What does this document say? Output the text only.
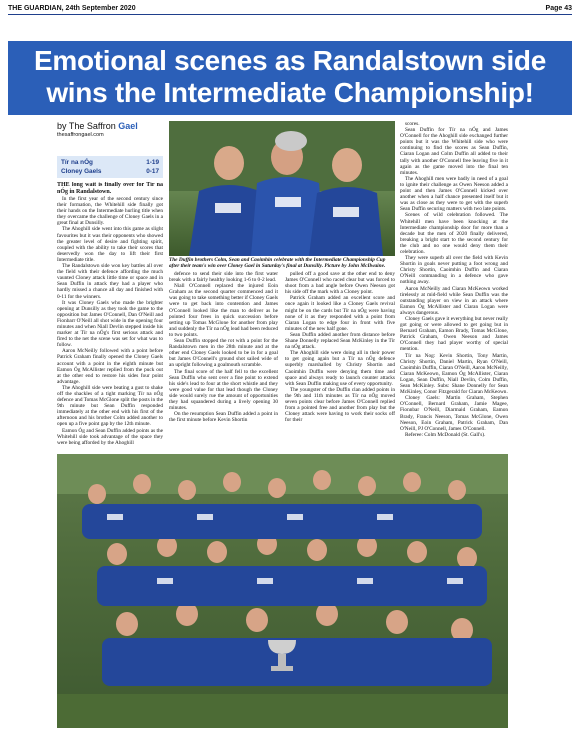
THE GUARDIAN, 24th September 2020	Page 43
Emotional scenes as Randalstown side
wins the Intermediate Championship!
by The Saffron Gael
thesaffrongael.com
Tír na nÓg	1-19
Cloney Gaels	0-17

THE long wait is finally over for Tír na nÓg in Randalstown.

In the first year of the second century since their formation, the Whitehill side finally got their hands on the Intermediate hurling title when they overcame the challenge of Cloney Gaels in a great final at Dunsilly.

The Ahoghill side went into this game as slight favourites but it was their opponents who showed the greater level of desire and fighting spirit, coupled with the ability to take their scores that deservedly won the day to lift their first Intermediate title.

The Randalstown side won key battles all over the field with their defence affording the much vaunted Cloney attack little time or space and in Sean Duffin in attack they had a player who hardly missed a chance all day and finished with 0-11 for the winners.

It was Cloney Gaels who made the brighter opening at Dunsilly as they took the game to the opposition but James O'Connell, Dan O'Neill and Fionbarr O'Neill all shot wide in the opening four minutes and when Niall Devlin stepped inside his marker at Tír na nÓg's first serious attack and fired to the net the scene was set for what was to follow.

Aaron McNeilly followed with a point before Patrick Graham finally opened the Cloney Gaels account with a point in the eighth minute but Eamon Óg McAllister replied from the puck out at the other end to restore his sides four point advantage.

The Ahoghill side were beating a gust to shake off the shackles of a tight marking Tír na nÓg defence and Tomas McGlone split the posts in the 9th minute but Sean Duffin responded immediately at the other end with his first of the afternoon and his brother Colm added another to open up a five point gap by the 12th minute.

Eamon Óg and Sean Duffin added points as the Whitehill side took advantage of the space they were being afforded by the Ahoghill

The Duffin brothers Colm, Sean and Caoimhin celebrate with the Intermediate Championship Cup after their team's win over Cloney Gael in Saturday's final at Dunsilly. Picture by John McIlwaine.

defence to send their side into the first water break with a fairly healthy looking 1-6 to 0-2 lead.

Niall O'Connell replaced the injured Eoin Graham as the second quarter commenced and it was going to take something better if Cloney Gaels were to get back into contention and James O'Connell looked like the man to deliver as he pointed four frees in quick succession before setting up Tomas McGlone for another from play and suddenly the Tír na nÓg lead had been reduced to two points.

Sean Duffin stopped the rot with a point for the Randalstown men in the 28th minute and at the other end Cloney Gaels looked to be in for a goal but James O'Connell's ground shot sailed wide of an upright following a goalmouth scramble.

The final score of the half fell to the excellent Sean Duffin who sent over a fine point to extend his side's lead to four at the short whistle and they were good value for that lead though the Cloney side would surely rue the amount of opportunities they had squandered during a lively opening 30 minutes.

On the resumption Sean Duffin added a point in the first minute before Kevin Shortin

pulled off a good save at the other end to deny James O'Connell who raced clear but was forced to shoot from a bad angle before Owen Neeson got his side off the mark with a Cloney point.

Patrick Graham added an excellent score and once again it looked like a Cloney Gaels revival might be on the cards but Tír na nÓg were having none of it as they responded with a point from Ciaran Logan to edge four in front with five minutes of the new half gone.

Sean Duffin added another from distance before Shane Donnelly replaced Sean McKinley in the Tír na nÓg attack.

The Ahoghill side were doing all in their power to get going again but a Tír na nÓg defence superbly marshalled by Christy Shortin and Caoimhin Duffin were denying them time and space and always ready to launch counter attacks with Sean Duffin making use of every opportunity.

The youngster of the Duffin clan added points in the 9th and 11th minutes as Tír na nÓg moved seven points clear before James O'Connell replied from a pointed free and another from play but the Cloney attack were having to work their socks off for their

scores.

Sean Duffin for Tír na nÓg and James O'Connell for the Ahoghill side exchanged further points but it was the Whitehill side who were continuing to find the scores as Sean Duffin, Ciaran Logan and Colm Duffin all added to their tally with another O'Connell free leaving five in it again as the game moved into the final ten minutes.

The Ahoghill men were badly in need of a goal to ignite their challenge as Owen Neeson added a point and then James O'Connell kicked over another when a half chance presented itself but it was as close as they were to get with the superb Sean Duffin securing matters with two late points.

Scenes of wild celebration followed. The Whitehill men have been knocking at the Intermediate championship door for more than a decade but the men of 2020 finally delivered, breaking a bright start to the second century for the club and no one would deny them their celebration.

They were superb all over the field with Kevin Shortin in goals never putting a foot wrong and Christy Shortin, Caoimhin Duffin and Ciaran O'Neill commanding in a defence who gave nothing away.

Aaron McNeilly and Ciaran McKeown worked tirelessly at mid-field while Sean Duffin was the outstanding player on view in an attack where Eamon Óg McAllister and Ciaran Logan were always dangerous.

Cloney Gaels gave it everything but never really got going or were allowed to get going but in Bernard Graham, Eamon Brady, Tomas McGlone, Patrick Graham, Owen Neeson and James O'Connell they had player worthy of special mention.

Tír na Nog: Kevin Shortin, Tony Martin, Christy Shortin, Daniel Martin, Ryan O'Neill, Caoimhin Duffin, Ciaran O'Neill, Aaron McNeilly, Ciaran McKeown, Eamon Óg McAllister, Ciaran Logan, Sean Duffin, Niall Devlin, Colm Duffin, Sean McKinley. Subs: Shane Donnelly for Sean McKinley, Conor Fitzgerald for Ciaran McKeown.

Cloney Gaels: Martin Graham, Stephen O'Connell, Bernard Graham, Jamie Magee, Fionnbar O'Neill, Diarmaid Graham, Eamon Brady, Francis Neeson, Tomas McGlone, Owen Neeson, Eoin Graham, Patrick Graham, Dan O'Neill, PJ O'Connell, James O'Connell.

Referee: Colm McDonald (St. Gall's).
